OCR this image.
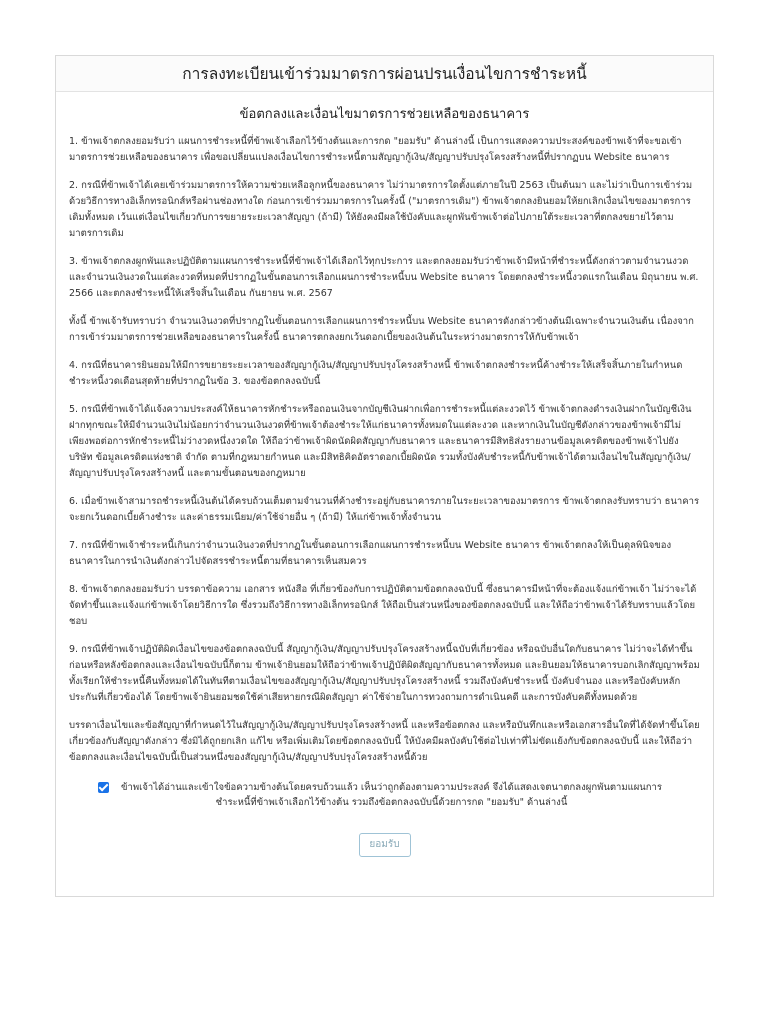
การลงทะเบียนเข้าร่วมมาตรการผ่อนปรนเงื่อนไขการชำระหนี้
ข้อตกลงและเงื่อนไขมาตรการช่วยเหลือของธนาคาร

1. ข้าพเจ้าตกลงยอมรับว่า แผนการชำระหนี้ที่ข้าพเจ้าเลือกไว้ข้างต้นและการกด "ยอมรับ" ด้านล่างนี้ เป็นการแสดงความประสงค์ของข้าพเจ้าที่จะขอเข้ามาตรการช่วยเหลือของธนาคาร เพื่อขอเปลี่ยนแปลงเงื่อนไขการชำระหนี้ตามสัญญากู้เงิน/สัญญาปรับปรุงโครงสร้างหนี้ที่ปรากฏบน Website ธนาคาร

2. กรณีที่ข้าพเจ้าได้เคยเข้าร่วมมาตรการให้ความช่วยเหลือลูกหนี้ของธนาคาร ไม่ว่ามาตรการใดตั้งแต่ภายในปี 2563 เป็นต้นมา และไม่ว่าเป็นการเข้าร่วมด้วยวิธีการทางอิเล็กทรอนิกส์หรือผ่านช่องทางใด ก่อนการเข้าร่วมมาตรการในครั้งนี้ ("มาตรการเดิม") ข้าพเจ้าตกลงยินยอมให้ยกเลิกเงื่อนไขของมาตรการเดิมทั้งหมด เว้นแต่เงื่อนไขเกี่ยวกับการขยายระยะเวลาสัญญา (ถ้ามี) ให้ยังคงมีผลใช้บังคับและผูกพันข้าพเจ้าต่อไปภายใต้ระยะเวลาที่ตกลงขยายไว้ตามมาตรการเดิม

3. ข้าพเจ้าตกลงผูกพันและปฏิบัติตามแผนการชำระหนี้ที่ข้าพเจ้าได้เลือกไว้ทุกประการ และตกลงยอมรับว่าข้าพเจ้ามีหน้าที่ชำระหนี้ดังกล่าวตามจำนวนงวดและจำนวนเงินงวดในแต่ละงวดที่หมดที่ปรากฏในขั้นตอนการเลือกแผนการชำระหนี้บน Website ธนาคาร โดยตกลงชำระหนี้งวดแรกในเดือน มิถุนายน พ.ศ. 2566 และตกลงชำระหนี้ให้เสร็จสิ้นในเดือน กันยายน พ.ศ. 2567

ทั้งนี้ ข้าพเจ้ารับทราบว่า จำนวนเงินงวดที่ปรากฏในขั้นตอนการเลือกแผนการชำระหนี้บน Website ธนาคารดังกล่าวข้างต้นมีเฉพาะจำนวนเงินต้น เนื่องจากการเข้าร่วมมาตรการช่วยเหลือของธนาคารในครั้งนี้ ธนาคารตกลงยกเว้นดอกเบี้ยของเงินต้นในระหว่างมาตรการให้กับข้าพเจ้า

4. กรณีที่ธนาคารยินยอมให้มีการขยายระยะเวลาของสัญญากู้เงิน/สัญญาปรับปรุงโครงสร้างหนี้ ข้าพเจ้าตกลงชำระหนี้ค้างชำระให้เสร็จสิ้นภายในกำหนดชำระหนี้งวดเดือนสุดท้ายที่ปรากฏในข้อ 3. ของข้อตกลงฉบับนี้

5. กรณีที่ข้าพเจ้าได้แจ้งความประสงค์ให้ธนาคารหักชำระหรือถอนเงินจากบัญชีเงินฝากเพื่อการชำระหนี้แต่ละงวดไว้ ข้าพเจ้าตกลงดำรงเงินฝากในบัญชีเงินฝากทุกขณะให้มีจำนวนเงินไม่น้อยกว่าจำนวนเงินงวดที่ข้าพเจ้าต้องชำระให้แก่ธนาคารทั้งหมดในแต่ละงวด และหากเงินในบัญชีดังกล่าวของข้าพเจ้ามีไม่เพียงพอต่อการหักชำระหนี้ไม่ว่างวดหนึ่งงวดใด ให้ถือว่าข้าพเจ้าผิดนัดผิดสัญญากับธนาคาร และธนาคารมีสิทธิส่งรายงานข้อมูลเครดิตของข้าพเจ้าไปยังบริษัท ข้อมูลเครดิตแห่งชาติ จำกัด ตามที่กฎหมายกำหนด และมีสิทธิคิดอัตราดอกเบี้ยผิดนัด รวมทั้งบังคับชำระหนี้กับข้าพเจ้าได้ตามเงื่อนไขในสัญญากู้เงิน/สัญญาปรับปรุงโครงสร้างหนี้ และตามขั้นตอนของกฎหมาย

6. เมื่อข้าพเจ้าสามารถชำระหนี้เงินต้นได้ครบถ้วนเต็มตามจำนวนที่ค้างชำระอยู่กับธนาคารภายในระยะเวลาของมาตรการ ข้าพเจ้าตกลงรับทราบว่า ธนาคารจะยกเว้นดอกเบี้ยค้างชำระ และค่าธรรมเนียม/ค่าใช้จ่ายอื่น ๆ (ถ้ามี) ให้แก่ข้าพเจ้าทั้งจำนวน

7. กรณีที่ข้าพเจ้าชำระหนี้เกินกว่าจำนวนเงินงวดที่ปรากฏในขั้นตอนการเลือกแผนการชำระหนี้บน Website ธนาคาร ข้าพเจ้าตกลงให้เป็นดุลพินิจของธนาคารในการนำเงินดังกล่าวไปจัดสรรชำระหนี้ตามที่ธนาคารเห็นสมควร

8. ข้าพเจ้าตกลงยอมรับว่า บรรดาข้อความ เอกสาร หนังสือ ที่เกี่ยวข้องกับการปฏิบัติตามข้อตกลงฉบับนี้ ซึ่งธนาคารมีหน้าที่จะต้องแจ้งแก่ข้าพเจ้า ไม่ว่าจะได้จัดทำขึ้นและแจ้งแก่ข้าพเจ้าโดยวิธีการใด ซึ่งรวมถึงวิธีการทางอิเล็กทรอนิกส์ ให้ถือเป็นส่วนหนึ่งของข้อตกลงฉบับนี้ และให้ถือว่าข้าพเจ้าได้รับทราบแล้วโดยชอบ

9. กรณีที่ข้าพเจ้าปฏิบัติผิดเงื่อนไขของข้อตกลงฉบับนี้ สัญญากู้เงิน/สัญญาปรับปรุงโครงสร้างหนี้ฉบับที่เกี่ยวข้อง หรือฉบับอื่นใดกับธนาคาร ไม่ว่าจะได้ทำขึ้นก่อนหรือหลังข้อตกลงและเงื่อนไขฉบับนี้ก็ตาม ข้าพเจ้ายินยอมให้ถือว่าข้าพเจ้าปฏิบัติผิดสัญญากับธนาคารทั้งหมด และยินยอมให้ธนาคารบอกเลิกสัญญาพร้อมทั้งเรียกให้ชำระหนี้คืนทั้งหมดได้ในทันทีตามเงื่อนไขของสัญญากู้เงิน/สัญญาปรับปรุงโครงสร้างหนี้ รวมถึงบังคับชำระหนี้ บังคับจำนอง และหรือบังคับหลักประกันที่เกี่ยวข้องได้ โดยข้าพเจ้ายินยอมชดใช้ค่าเสียหายกรณีผิดสัญญา ค่าใช้จ่ายในการทวงถามการดำเนินคดี และการบังคับคดีทั้งหมดด้วย

บรรดาเงื่อนไขและข้อสัญญาที่กำหนดไว้ในสัญญากู้เงิน/สัญญาปรับปรุงโครงสร้างหนี้ และหรือข้อตกลง และหรือบันทึกและหรือเอกสารอื่นใดที่ได้จัดทำขึ้นโดยเกี่ยวข้องกับสัญญาดังกล่าว ซึ่งมิได้ถูกยกเลิก แก้ไข หรือเพิ่มเติมโดยข้อตกลงฉบับนี้ ให้บังคมีผลบังคับใช้ต่อไปเท่าที่ไม่ขัดแย้งกับข้อตกลงฉบับนี้ และให้ถือว่าข้อตกลงและเงื่อนไขฉบับนี้เป็นส่วนหนึ่งของสัญญากู้เงิน/สัญญาปรับปรุงโครงสร้างหนี้ด้วย

ข้าพเจ้าได้อ่านและเข้าใจข้อความข้างต้นโดยครบถ้วนแล้ว เห็นว่าถูกต้องตามความประสงค์ จึงได้แสดงเจตนาตกลงผูกพันตามแผนการชำระหนี้ที่ข้าพเจ้าเลือกไว้ข้างต้น รวมถึงข้อตกลงฉบับนี้ด้วยการกด "ยอมรับ" ด้านล่างนี้
ยอมรับ
